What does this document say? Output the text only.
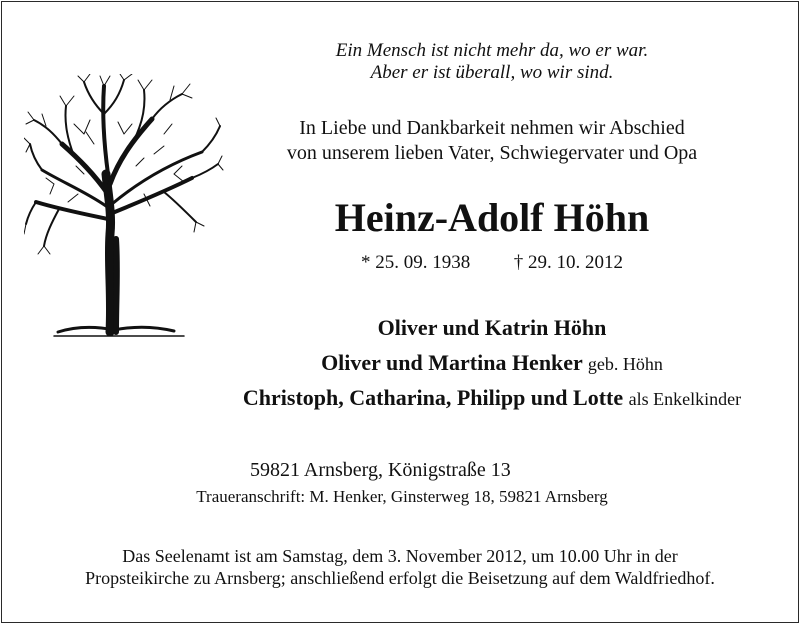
Ein Mensch ist nicht mehr da, wo er war.
Aber er ist überall, wo wir sind.
In Liebe und Dankbarkeit nehmen wir Abschied
von unserem lieben Vater, Schwiegervater und Opa
Heinz-Adolf Höhn
* 25. 09. 1938 † 29. 10. 2012
Oliver und Katrin Höhn
Oliver und Martina Henker geb. Höhn
Christoph, Catharina, Philipp und Lotte als Enkelkinder
59821 Arnsberg, Königstraße 13
Traueranschrift: M. Henker, Ginsterweg 18, 59821 Arnsberg
Das Seelenamt ist am Samstag, dem 3. November 2012, um 10.00 Uhr in der
Propsteikirche zu Arnsberg; anschließend erfolgt die Beisetzung auf dem Waldfriedhof.
